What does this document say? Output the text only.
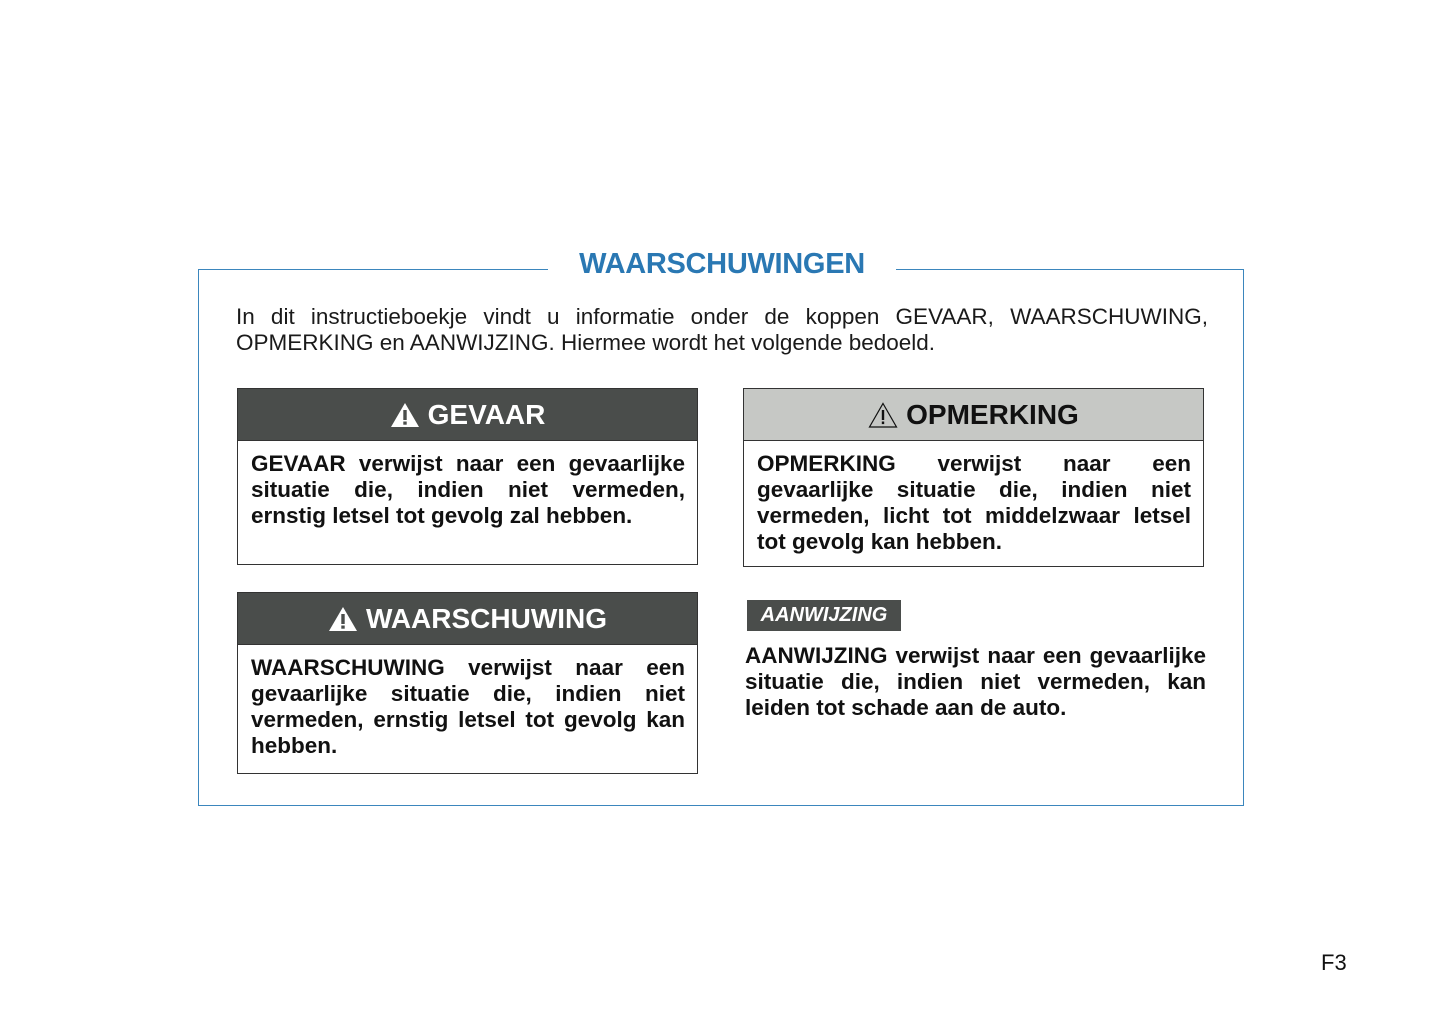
WAARSCHUWINGEN

In dit instructieboekje vindt u informatie onder de koppen GEVAAR, WAARSCHUWING, OPMERKING en AANWIJZING. Hiermee wordt het volgende bedoeld.

GEVAAR
GEVAAR verwijst naar een gevaarlijke situatie die, indien niet vermeden, ernstig letsel tot gevolg zal hebben.
OPMERKING
OPMERKING verwijst naar een gevaarlijke situatie die, indien niet vermeden, licht tot middelzwaar letsel tot gevolg kan hebben.
WAARSCHUWING
WAARSCHUWING verwijst naar een gevaarlijke situatie die, indien niet vermeden, ernstig letsel tot gevolg kan hebben.
AANWIJZING
AANWIJZING verwijst naar een gevaarlijke situatie die, indien niet vermeden, kan leiden tot schade aan de auto.
F3
